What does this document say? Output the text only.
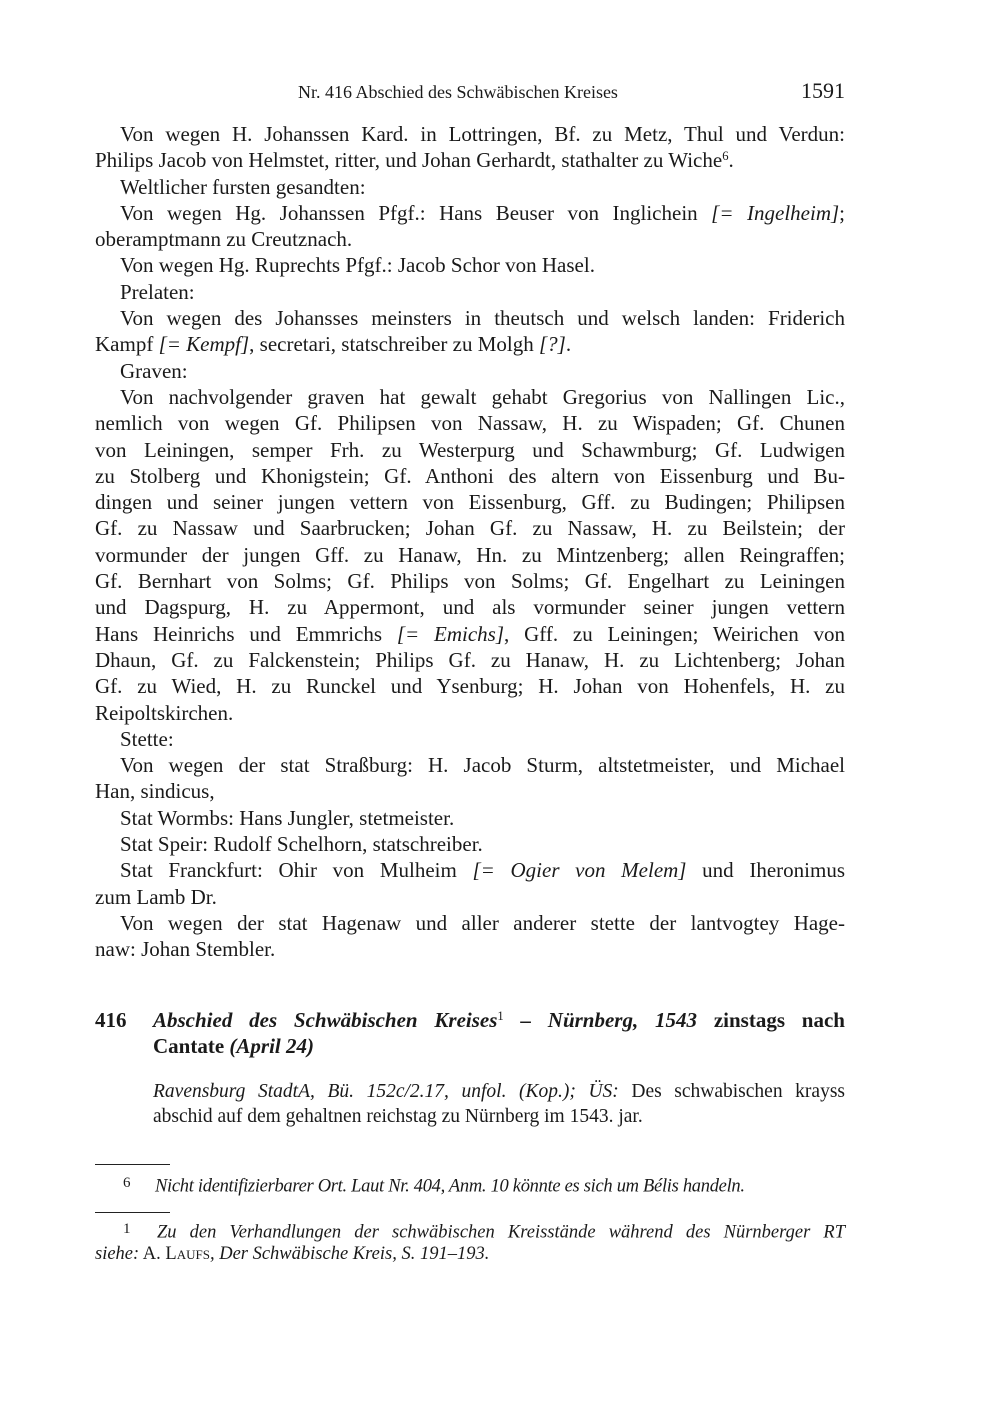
Nr. 416 Abschied des Schwäbischen Kreises	1591
Von wegen H. Johanssen Kard. in Lottringen, Bf. zu Metz, Thul und Verdun:
Philips Jacob von Helmstet, ritter, und Johan Gerhardt, stathalter zu Wiche$^6$.
Weltlicher fursten gesandten:
Von wegen Hg. Johanssen Pfgf.: Hans Beuser von Inglichein [= Ingelheim];
oberamptmann zu Creutznach.
Von wegen Hg. Ruprechts Pfgf.: Jacob Schor von Hasel.
Prelaten:
Von wegen des Johansses meinsters in theutsch und welsch landen: Friderich
Kampf [= Kempf], secretari, statschreiber zu Molgh [?].
Graven:
Von nachvolgender graven hat gewalt gehabt Gregorius von Nallingen Lic.,
nemlich von wegen Gf. Philipsen von Nassaw, H. zu Wispaden; Gf. Chunen
von Leiningen, semper Frh. zu Westerpurg und Schawmburg; Gf. Ludwigen
zu Stolberg und Khonigstein; Gf. Anthoni des altern von Eissenburg und Bu-
dingen und seiner jungen vettern von Eissenburg, Gff. zu Budingen; Philipsen
Gf. zu Nassaw und Saarbrucken; Johan Gf. zu Nassaw, H. zu Beilstein; der
vormunder der jungen Gff. zu Hanaw, Hn. zu Mintzenberg; allen Reingraffen;
Gf. Bernhart von Solms; Gf. Philips von Solms; Gf. Engelhart zu Leiningen
und Dagspurg, H. zu Appermont, und als vormunder seiner jungen vettern
Hans Heinrichs und Emmrichs [= Emichs], Gff. zu Leiningen; Weirichen von
Dhaun, Gf. zu Falckenstein; Philips Gf. zu Hanaw, H. zu Lichtenberg; Johan
Gf. zu Wied, H. zu Runckel und Ysenburg; H. Johan von Hohenfels, H. zu
Reipoltskirchen.
Stette:
Von wegen der stat Straßburg: H. Jacob Sturm, altstetmeister, und Michael
Han, sindicus,
Stat Wormbs: Hans Jungler, stetmeister.
Stat Speir: Rudolf Schelhorn, statschreiber.
Stat Franckfurt: Ohir von Mulheim [= Ogier von Melem] und Iheronimus
zum Lamb Dr.
Von wegen der stat Hagenaw und aller anderer stette der lantvogtey Hage-
naw: Johan Stembler.
416 Abschied des Schwäbischen Kreises$^1$ – Nürnberg, 1543 zinstags nach
Cantate (April 24)
Ravensburg StadtA, Bü. 152c/2.17, unfol. (Kop.); ÜS: Des schwabischen krayss
abschid auf dem gehaltnen reichstag zu Nürnberg im 1543. jar.
6 Nicht identifizierbarer Ort. Laut Nr. 404, Anm. 10 könnte es sich um Bélis handeln.
1 Zu den Verhandlungen der schwäbischen Kreisstände während des Nürnberger RT
siehe: A. Laufs, Der Schwäbische Kreis, S. 191–193.
